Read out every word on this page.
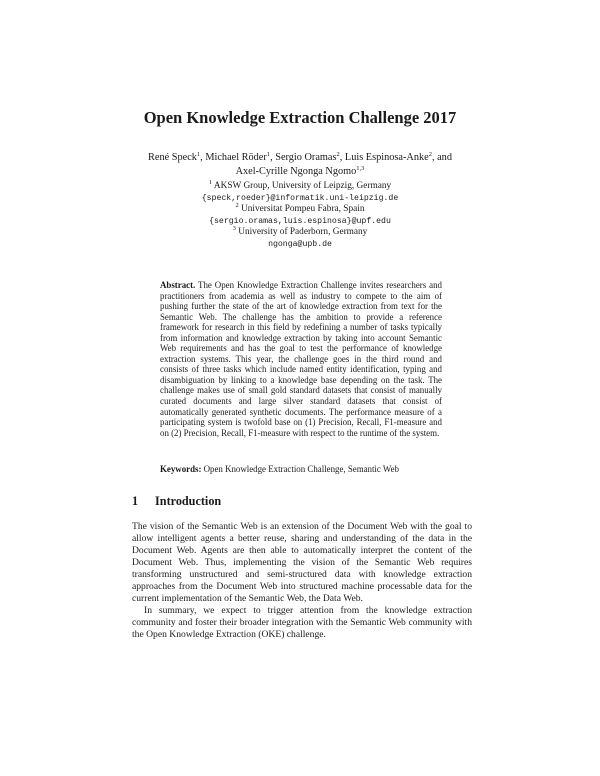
Open Knowledge Extraction Challenge 2017
René Speck$^1$, Michael Röder$^1$, Sergio Oramas$^2$, Luis Espinosa-Anke$^2$, and
Axel-Cyrille Ngonga Ngomo$^{1,3}$
$^1$ AKSW Group, University of Leipzig, Germany
{speck,roeder}@informatik.uni-leipzig.de
$^2$ Universitat Pompeu Fabra, Spain
{sergio.oramas,luis.espinosa}@upf.edu
$^3$ University of Paderborn, Germany
ngonga@upb.de
Abstract. The Open Knowledge Extraction Challenge invites researchers and practitioners from academia as well as industry to compete to the aim of pushing further the state of the art of knowledge extraction from text for the Semantic Web. The challenge has the ambition to provide a reference framework for research in this field by redefining a number of tasks typically from information and knowledge extraction by taking into account Semantic Web requirements and has the goal to test the performance of knowledge extraction systems. This year, the challenge goes in the third round and consists of three tasks which include named entity identification, typing and disambiguation by linking to a knowledge base depending on the task. The challenge makes use of small gold standard datasets that consist of manually curated documents and large silver standard datasets that consist of automatically generated synthetic documents. The performance measure of a participating system is twofold base on (1) Precision, Recall, F1-measure and on (2) Precision, Recall, F1-measure with respect to the runtime of the system.
Keywords: Open Knowledge Extraction Challenge, Semantic Web
1 Introduction

The vision of the Semantic Web is an extension of the Document Web with the goal to allow intelligent agents a better reuse, sharing and understanding of the data in the Document Web. Agents are then able to automatically interpret the content of the Document Web. Thus, implementing the vision of the Semantic Web requires transforming unstructured and semi-structured data with knowledge extraction approaches from the Document Web into structured machine processable data for the current implementation of the Semantic Web, the Data Web.

In summary, we expect to trigger attention from the knowledge extraction community and foster their broader integration with the Semantic Web community with the Open Knowledge Extraction (OKE) challenge.
